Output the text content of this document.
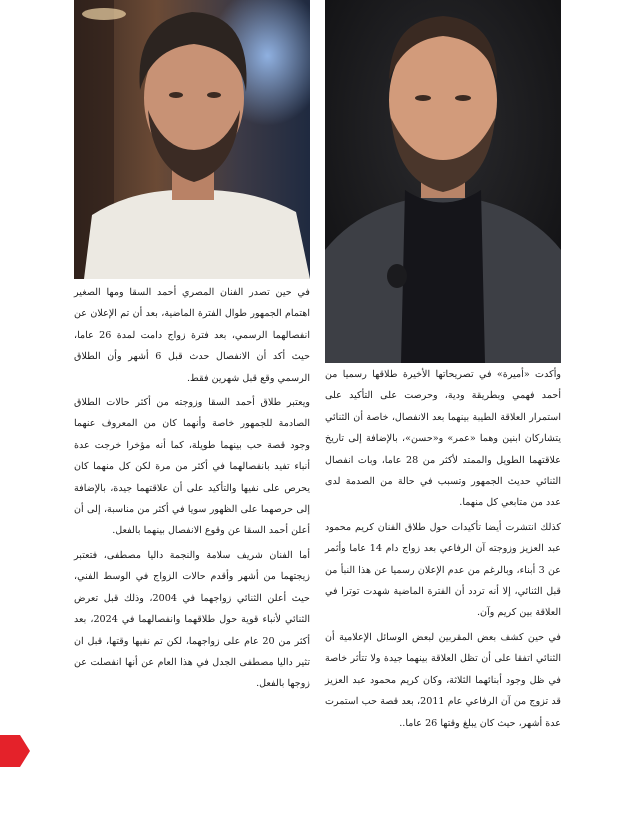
في حين تصدر الفنان المصري أحمد السقا ومها الصغير اهتمام الجمهور طوال الفترة الماضية، بعد أن تم الإعلان عن انفصالهما الرسمي، بعد فترة زواج دامت لمدة 26 عاما، حيث أكد أن الانفصال حدث قبل 6 أشهر وأن الطلاق الرسمي وقع قبل شهرين فقط.

ويعتبر طلاق أحمد السقا وزوجته من أكثر حالات الطلاق الصادمة للجمهور خاصة وأنهما كان من المعروف عنهما وجود قصة حب بينهما طويلة، كما أنه مؤخرا خرجت عدة أنباء تفيد بانفصالهما في أكثر من مرة لكن كل منهما كان يحرص على نفيها والتأكيد على أن علاقتهما جيدة، بالإضافة إلى حرصهما على الظهور سويا في أكثر من مناسبة، إلى أن أعلن أحمد السقا عن وقوع الانفصال بينهما بالفعل.

أما الفنان شريف سلامة والنجمة داليا مصطفى، فتعتبر زيجتهما من أشهر وأقدم حالات الزواج في الوسط الفني، حيث أعلن الثنائي زواجهما في 2004، وذلك قبل تعرض الثنائي لأنباء قوية حول طلاقهما وانفصالهما في 2024، بعد أكثر من 20 عام على زواجهما، لكن تم نفيها وقتها، قبل ان تثير داليا مصطفى الجدل في هذا العام عن أنها انفصلت عن زوجها بالفعل.

وأكدت «أميرة» في تصريحاتها الأخيرة طلاقها رسميا من أحمد فهمي وبطريقة ودية، وحرصت على التأكيد على استمرار العلاقة الطيبة بينهما بعد الانفصال، خاصة أن الثنائي يتشاركان ابنين وهما «عمر» و«حسن»، بالإضافة إلى تاريخ علاقتهما الطويل والممتد لأكثر من 28 عاما، وبات انفصال الثنائي حديث الجمهور وتسبب في حالة من الصدمة لدى عدد من متابعي كل منهما.

كذلك انتشرت أيضا تأكيدات حول طلاق الفنان كريم محمود عبد العزيز وزوجته آن الرفاعي بعد زواج دام 14 عاما وأثمر عن 3 أبناء، وبالرغم من عدم الإعلان رسميا عن هذا النبأ من قبل الثنائي، إلا أنه تردد أن الفترة الماضية شهدت توترا في العلاقة بين كريم وآن.

في حين كشف بعض المقربين لبعض الوسائل الإعلامية أن الثنائي اتفقا على أن تظل العلاقة بينهما جيدة ولا تتأثر خاصة في ظل وجود أبنائهما الثلاثة، وكان كريم محمود عبد العزيز قد تزوج من آن الرفاعي عام 2011، بعد قصة حب استمرت عدة أشهر، حيث كان يبلغ وقتها 26 عاما..
